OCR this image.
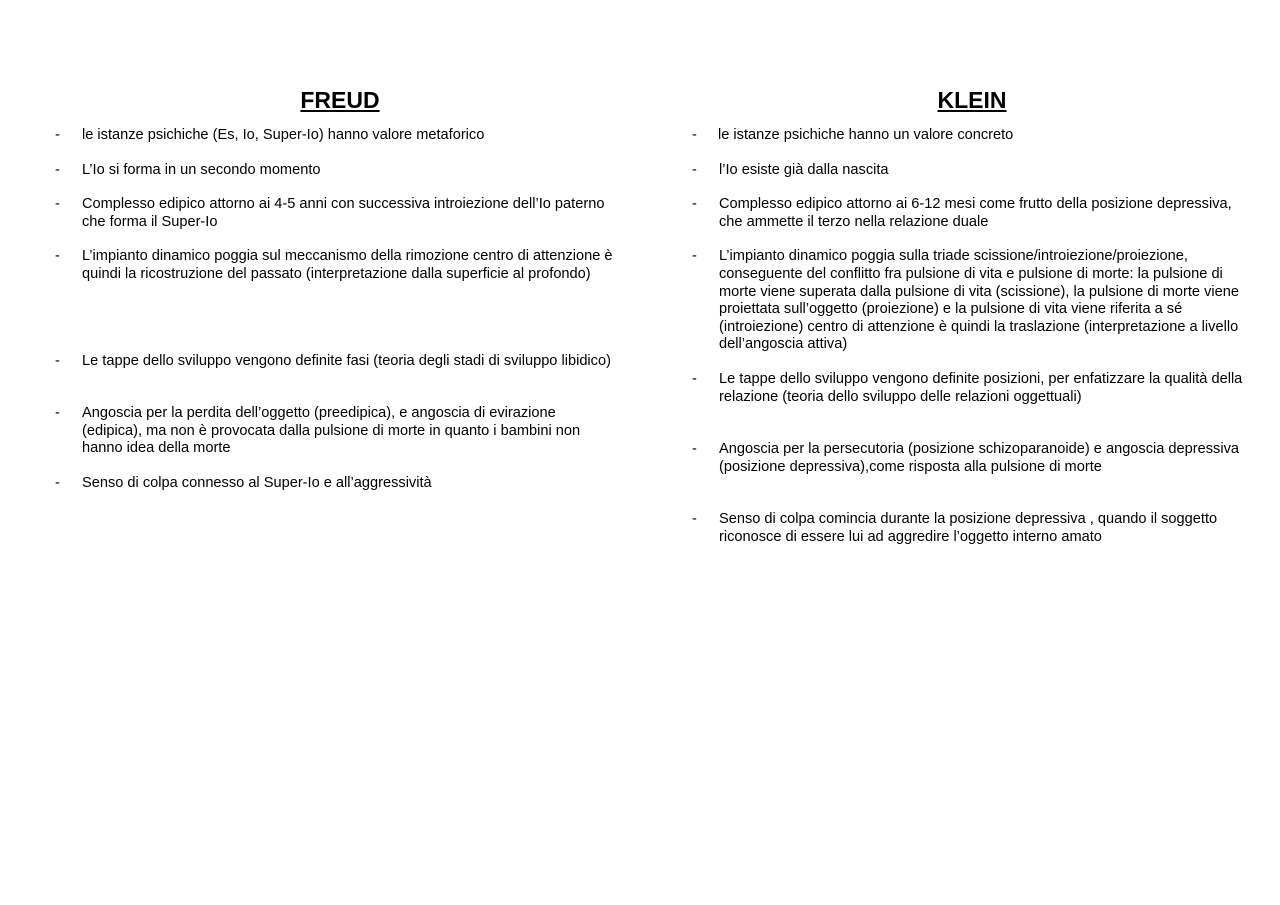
FREUD
- le istanze psichiche (Es, Io, Super-Io) hanno valore metaforico
- L’Io si forma in un secondo momento
- Complesso edipico attorno ai 4-5 anni con successiva introiezione dell’Io paterno che forma il Super-Io
- L’impianto dinamico poggia sul meccanismo della rimozione centro di attenzione è quindi la ricostruzione del passato (interpretazione dalla superficie al profondo)
- Le tappe dello sviluppo vengono definite fasi (teoria degli stadi di sviluppo libidico)
- Angoscia per la perdita dell’oggetto (preedipica), e angoscia di evirazione (edipica), ma non è provocata dalla pulsione di morte in quanto i bambini non hanno idea della morte
- Senso di colpa connesso al Super-Io e all’aggressività
KLEIN
- le istanze psichiche hanno un valore concreto
- l’Io esiste già dalla nascita
- Complesso edipico attorno ai 6-12 mesi come frutto della posizione depressiva, che ammette il terzo nella relazione duale
- L’impianto dinamico poggia sulla triade scissione/introiezione/proiezione, conseguente del conflitto fra pulsione di vita e pulsione di morte: la pulsione di morte viene superata dalla pulsione di vita (scissione), la pulsione di morte viene proiettata sull’oggetto (proiezione) e la pulsione di vita viene riferita a sé (introiezione) centro di attenzione è quindi la traslazione (interpretazione a livello dell’angoscia attiva)
- Le tappe dello sviluppo vengono definite posizioni, per enfatizzare la qualità della relazione (teoria dello sviluppo delle relazioni oggettuali)
- Angoscia per la persecutoria (posizione schizoparanoide) e angoscia depressiva (posizione depressiva),come risposta alla pulsione di morte
- Senso di colpa comincia durante la posizione depressiva , quando il soggetto riconosce di essere lui ad aggredire l’oggetto interno amato
